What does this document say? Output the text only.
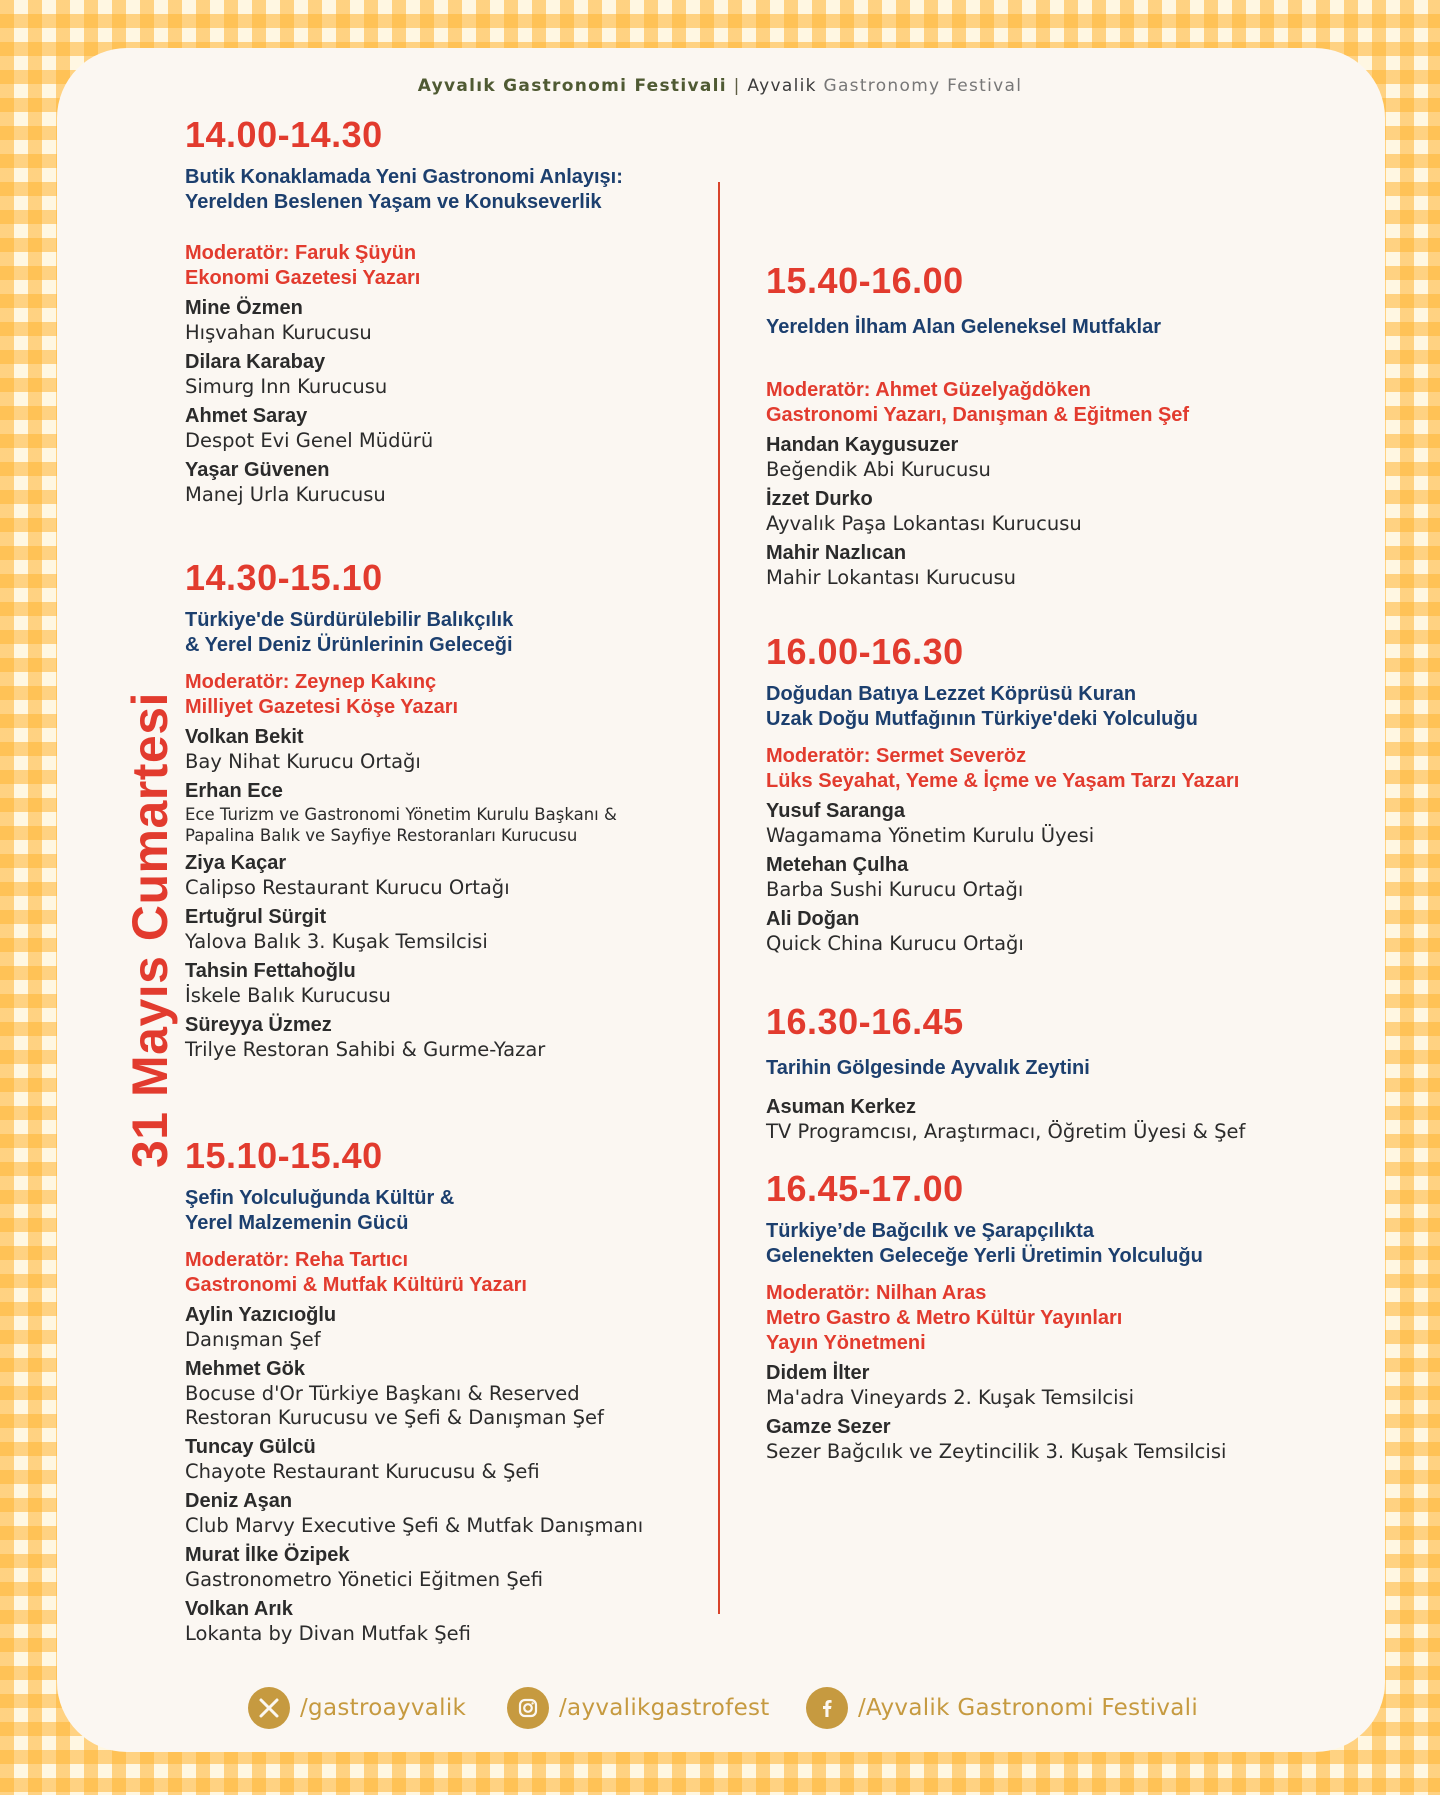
Ayvalık Gastronomi Festivali | Ayvalik Gastronomy Festival
31 Mayıs Cumartesi
14.00-14.30
Butik Konaklamada Yeni Gastronomi Anlayışı:
Yerelden Beslenen Yaşam ve Konukseverlik
Moderatör: Faruk Şüyün
Ekonomi Gazetesi Yazarı
Mine Özmen
Hışvahan Kurucusu
Dilara Karabay
Simurg Inn Kurucusu
Ahmet Saray
Despot Evi Genel Müdürü
Yaşar Güvenen
Manej Urla Kurucusu
14.30-15.10
Türkiye'de Sürdürülebilir Balıkçılık
& Yerel Deniz Ürünlerinin Geleceği
Moderatör: Zeynep Kakınç
Milliyet Gazetesi Köşe Yazarı
Volkan Bekit
Bay Nihat Kurucu Ortağı
Erhan Ece
Ece Turizm ve Gastronomi Yönetim Kurulu Başkanı &
Papalina Balık ve Sayfiye Restoranları Kurucusu
Ziya Kaçar
Calipso Restaurant Kurucu Ortağı
Ertuğrul Sürgit
Yalova Balık 3. Kuşak Temsilcisi
Tahsin Fettahoğlu
İskele Balık Kurucusu
Süreyya Üzmez
Trilye Restoran Sahibi & Gurme-Yazar
15.10-15.40
Şefin Yolculuğunda Kültür &
Yerel Malzemenin Gücü
Moderatör: Reha Tartıcı
Gastronomi & Mutfak Kültürü Yazarı
Aylin Yazıcıoğlu
Danışman Şef
Mehmet Gök
Bocuse d'Or Türkiye Başkanı & Reserved
Restoran Kurucusu ve Şefi & Danışman Şef
Tuncay Gülcü
Chayote Restaurant Kurucusu & Şefi
Deniz Aşan
Club Marvy Executive Şefi & Mutfak Danışmanı
Murat İlke Özipek
Gastronometro Yönetici Eğitmen Şefi
Volkan Arık
Lokanta by Divan Mutfak Şefi
15.40-16.00
Yerelden İlham Alan Geleneksel Mutfaklar
Moderatör: Ahmet Güzelyağdöken
Gastronomi Yazarı, Danışman & Eğitmen Şef
Handan Kaygusuzer
Beğendik Abi Kurucusu
İzzet Durko
Ayvalık Paşa Lokantası Kurucusu
Mahir Nazlıcan
Mahir Lokantası Kurucusu
16.00-16.30
Doğudan Batıya Lezzet Köprüsü Kuran
Uzak Doğu Mutfağının Türkiye'deki Yolculuğu
Moderatör: Sermet Severöz
Lüks Seyahat, Yeme & İçme ve Yaşam Tarzı Yazarı
Yusuf Saranga
Wagamama Yönetim Kurulu Üyesi
Metehan Çulha
Barba Sushi Kurucu Ortağı
Ali Doğan
Quick China Kurucu Ortağı
16.30-16.45
Tarihin Gölgesinde Ayvalık Zeytini
Asuman Kerkez
TV Programcısı, Araştırmacı, Öğretim Üyesi & Şef
16.45-17.00
Türkiye’de Bağcılık ve Şarapçılıkta
Gelenekten Geleceğe Yerli Üretimin Yolculuğu
Moderatör: Nilhan Aras
Metro Gastro & Metro Kültür Yayınları
Yayın Yönetmeni
Didem İlter
Ma'adra Vineyards 2. Kuşak Temsilcisi
Gamze Sezer
Sezer Bağcılık ve Zeytincilik 3. Kuşak Temsilcisi
/gastroayvalik	/ayvalikgastrofest	/Ayvalik Gastronomi Festivali
